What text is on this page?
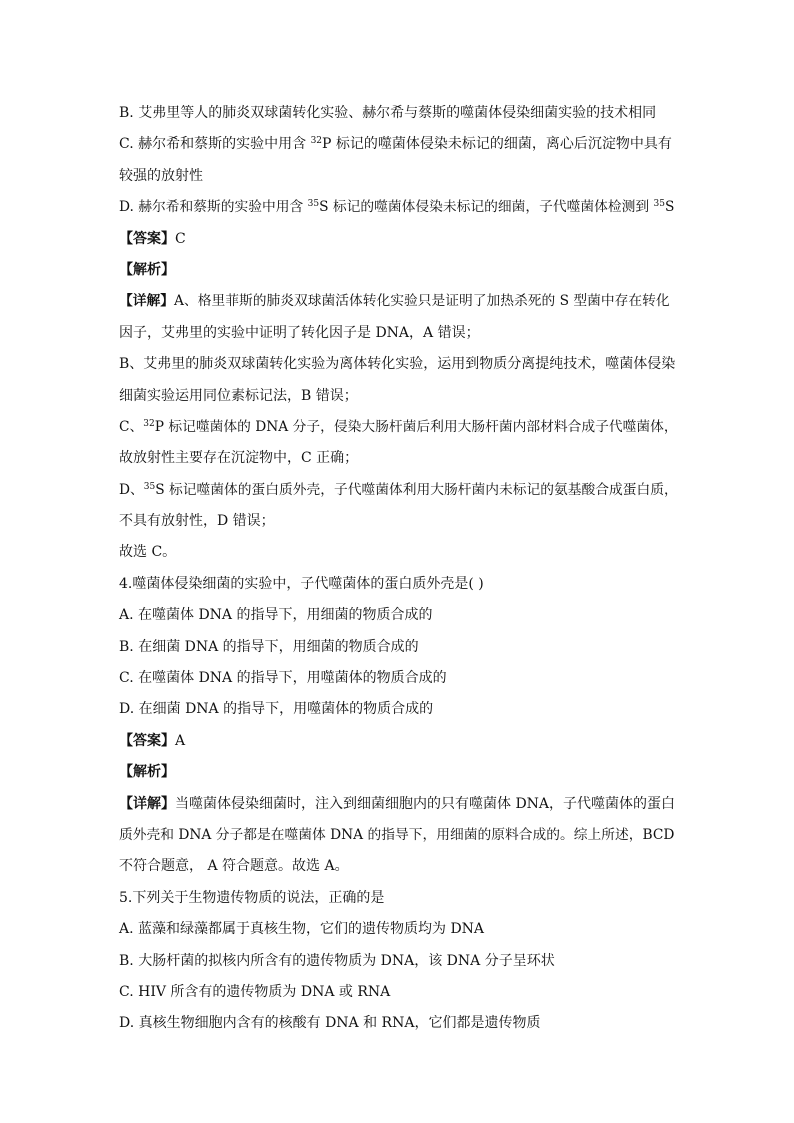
B. 艾弗里等人的肺炎双球菌转化实验、赫尔希与蔡斯的噬菌体侵染细菌实验的技术相同
C. 赫尔希和蔡斯的实验中用含 $^{32}$P 标记的噬菌体侵染未标记的细菌，离心后沉淀物中具有
较强的放射性
D. 赫尔希和蔡斯的实验中用含 $^{35}$S 标记的噬菌体侵染未标记的细菌，子代噬菌体检测到 $^{35}$S
【答案】C
【解析】
【详解】A、格里菲斯的肺炎双球菌活体转化实验只是证明了加热杀死的 S 型菌中存在转化
因子，艾弗里的实验中证明了转化因子是 DNA，A 错误；
B、艾弗里的肺炎双球菌转化实验为离体转化实验，运用到物质分离提纯技术，噬菌体侵染
细菌实验运用同位素标记法，B 错误；
C、$^{32}$P 标记噬菌体的 DNA 分子，侵染大肠杆菌后利用大肠杆菌内部材料合成子代噬菌体，
故放射性主要存在沉淀物中，C 正确；
D、$^{35}$S 标记噬菌体的蛋白质外壳，子代噬菌体利用大肠杆菌内未标记的氨基酸合成蛋白质，
不具有放射性，D 错误；
故选 C。
4.噬菌体侵染细菌的实验中，子代噬菌体的蛋白质外壳是( )
A. 在噬菌体 DNA 的指导下，用细菌的物质合成的
B. 在细菌 DNA 的指导下，用细菌的物质合成的
C. 在噬菌体 DNA 的指导下，用噬菌体的物质合成的
D. 在细菌 DNA 的指导下，用噬菌体的物质合成的
【答案】A
【解析】
【详解】当噬菌体侵染细菌时，注入到细菌细胞内的只有噬菌体 DNA，子代噬菌体的蛋白
质外壳和 DNA 分子都是在噬菌体 DNA 的指导下，用细菌的原料合成的。综上所述，BCD
不符合题意， A 符合题意。故选 A。
5.下列关于生物遗传物质的说法，正确的是
A. 蓝藻和绿藻都属于真核生物，它们的遗传物质均为 DNA
B. 大肠杆菌的拟核内所含有的遗传物质为 DNA，该 DNA 分子呈环状
C. HIV 所含有的遗传物质为 DNA 或 RNA
D. 真核生物细胞内含有的核酸有 DNA 和 RNA，它们都是遗传物质
